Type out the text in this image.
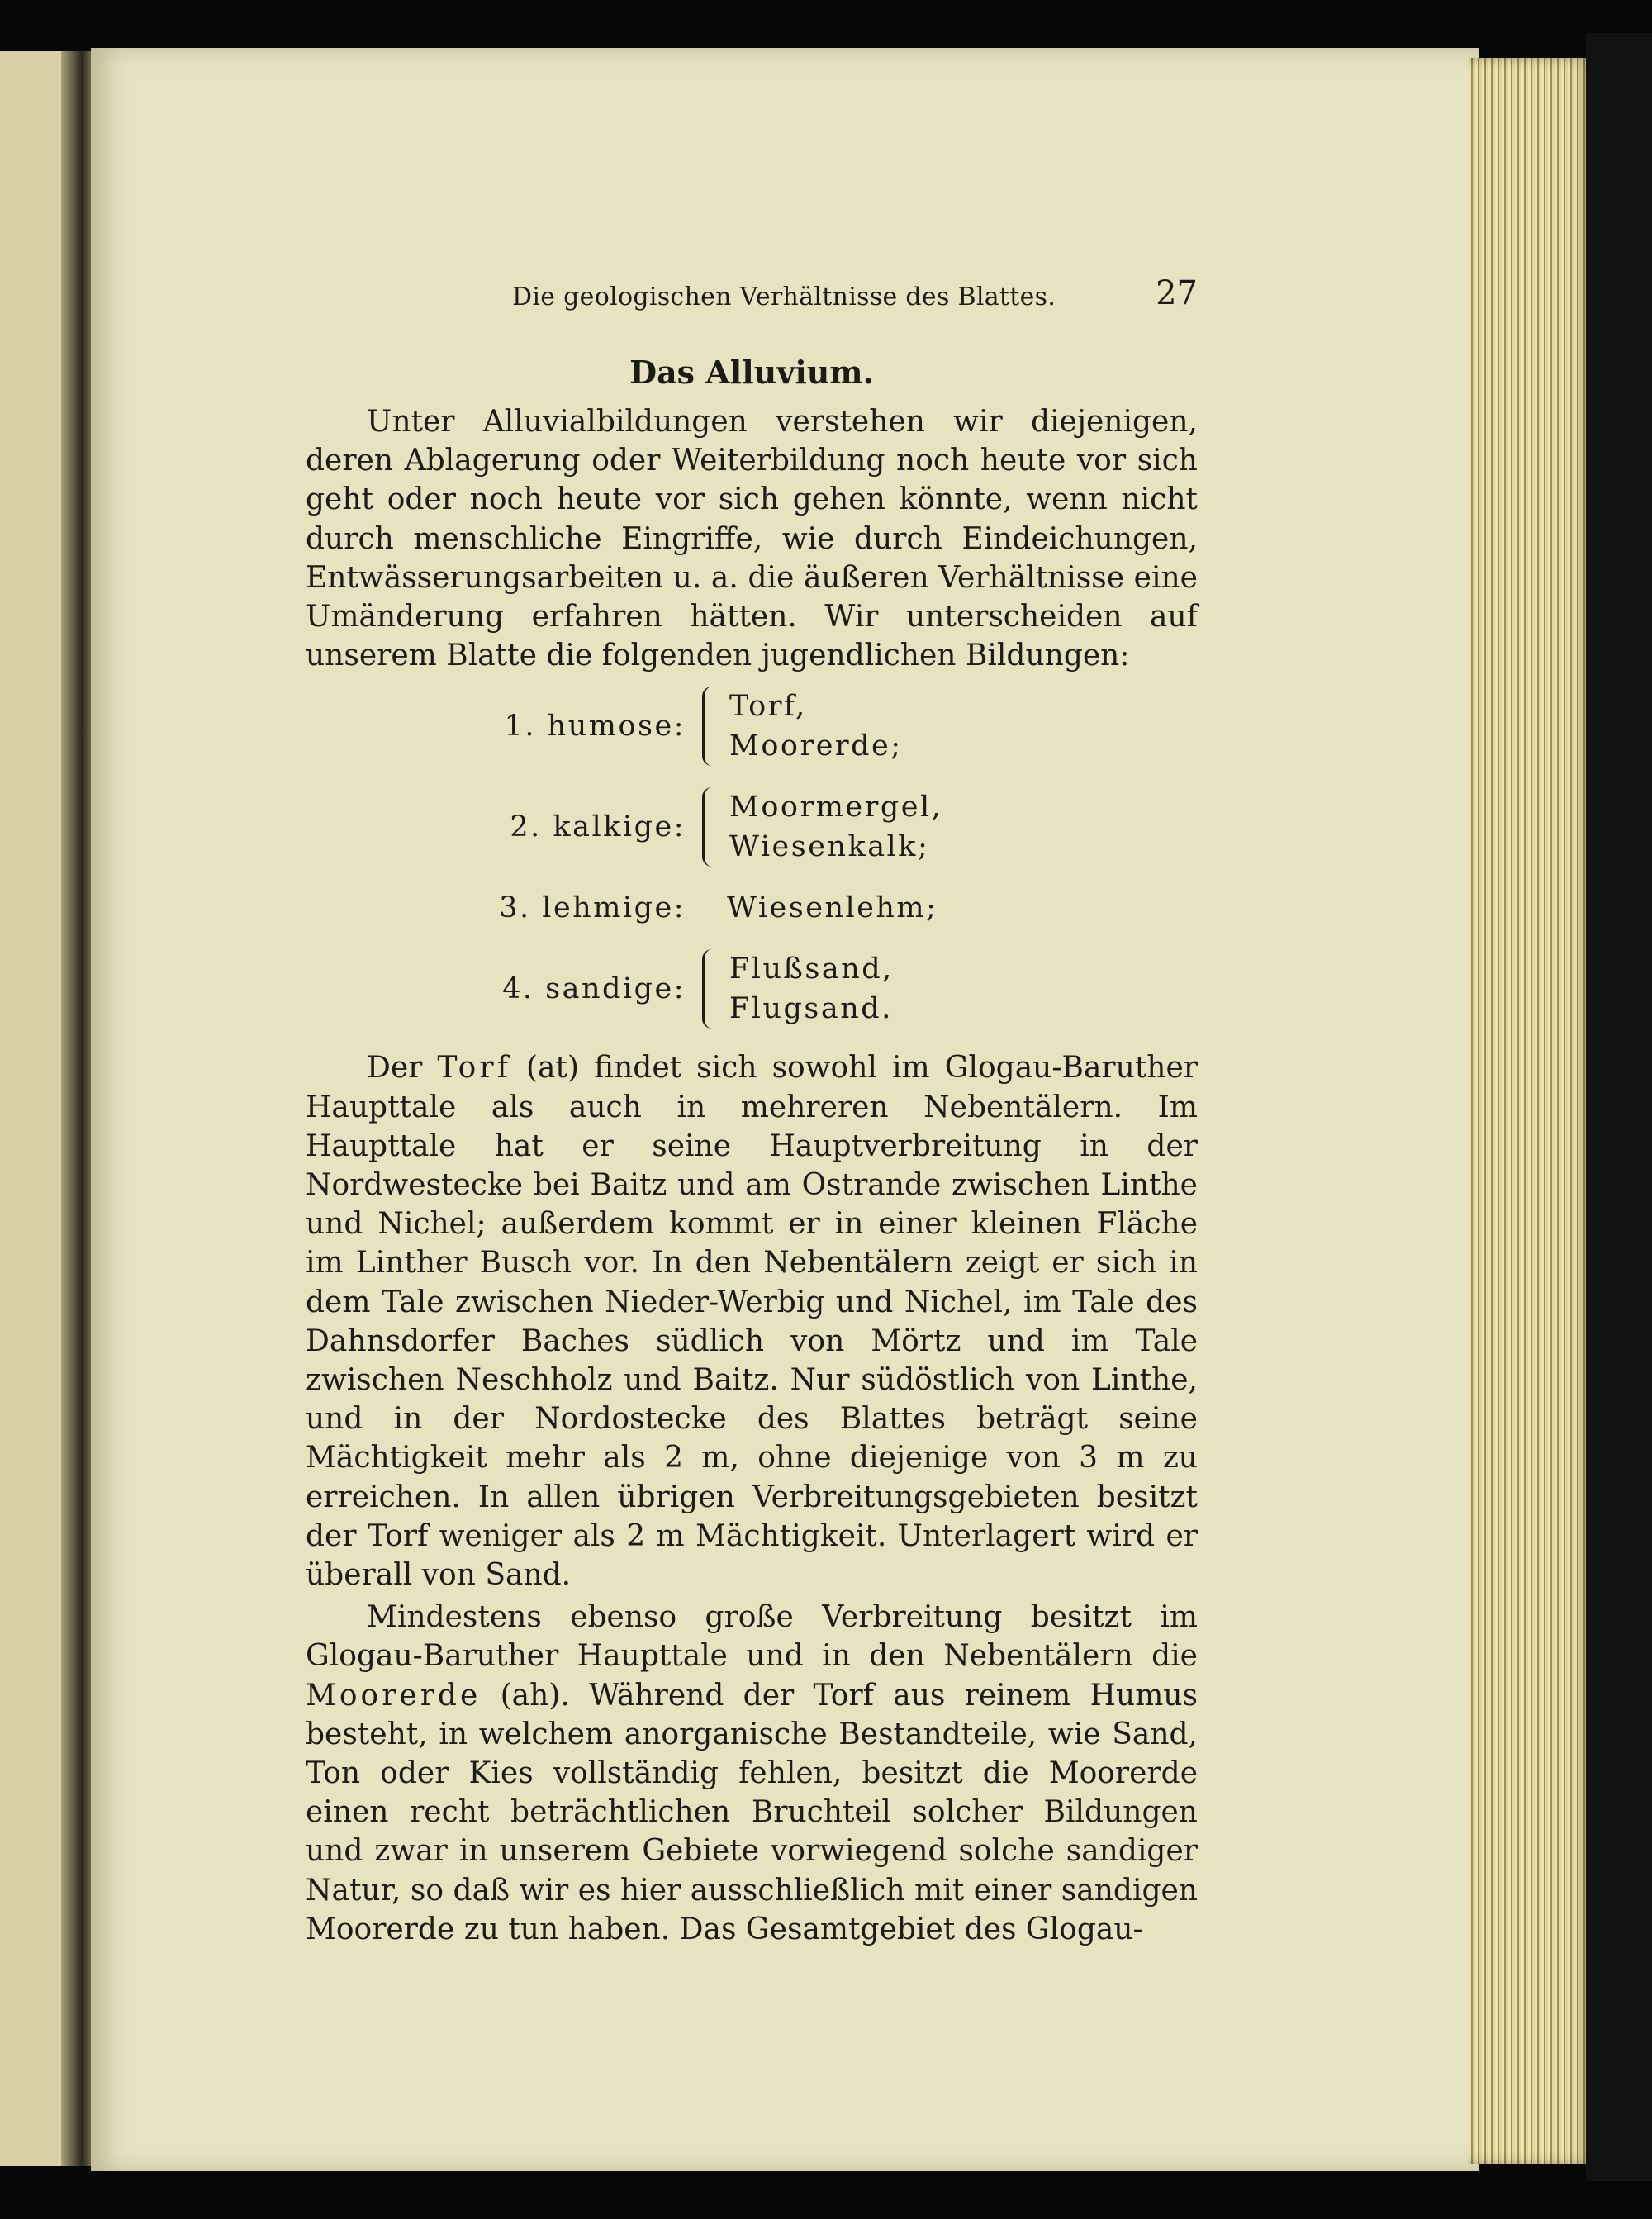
Die geologischen Verhältnisse des Blattes.	27
Das Alluvium.

Unter Alluvialbildungen verstehen wir diejenigen, deren Ablagerung oder Weiterbildung noch heute vor sich geht oder noch heute vor sich gehen könnte, wenn nicht durch menschliche Eingriffe, wie durch Eindeichungen, Entwässerungsarbeiten u. a. die äußeren Verhältnisse eine Umänderung erfahren hätten. Wir unterscheiden auf unserem Blatte die folgenden jugendlichen Bildungen:

1. humose:
Torf,
Moorerde;
2. kalkige:
Moormergel,
Wiesenkalk;
3. lehmige:	Wiesenlehm;
4. sandige:
Flußsand,
Flugsand.

Der Torf (at) findet sich sowohl im Glogau-Baruther Haupttale als auch in mehreren Nebentälern. Im Haupttale hat er seine Hauptverbreitung in der Nordwestecke bei Baitz und am Ostrande zwischen Linthe und Nichel; außerdem kommt er in einer kleinen Fläche im Linther Busch vor. In den Nebentälern zeigt er sich in dem Tale zwischen Nieder-Werbig und Nichel, im Tale des Dahnsdorfer Baches südlich von Mörtz und im Tale zwischen Neschholz und Baitz. Nur südöstlich von Linthe, und in der Nordostecke des Blattes beträgt seine Mächtigkeit mehr als 2 m, ohne diejenige von 3 m zu erreichen. In allen übrigen Verbreitungsgebieten besitzt der Torf weniger als 2 m Mächtigkeit. Unterlagert wird er überall von Sand.

Mindestens ebenso große Verbreitung besitzt im Glogau-Baruther Haupttale und in den Nebentälern die Moorerde (ah). Während der Torf aus reinem Humus besteht, in welchem anorganische Bestandteile, wie Sand, Ton oder Kies vollständig fehlen, besitzt die Moorerde einen recht beträchtlichen Bruchteil solcher Bildungen und zwar in unserem Gebiete vorwiegend solche sandiger Natur, so daß wir es hier ausschließlich mit einer sandigen Moorerde zu tun haben. Das Gesamtgebiet des Glogau-
